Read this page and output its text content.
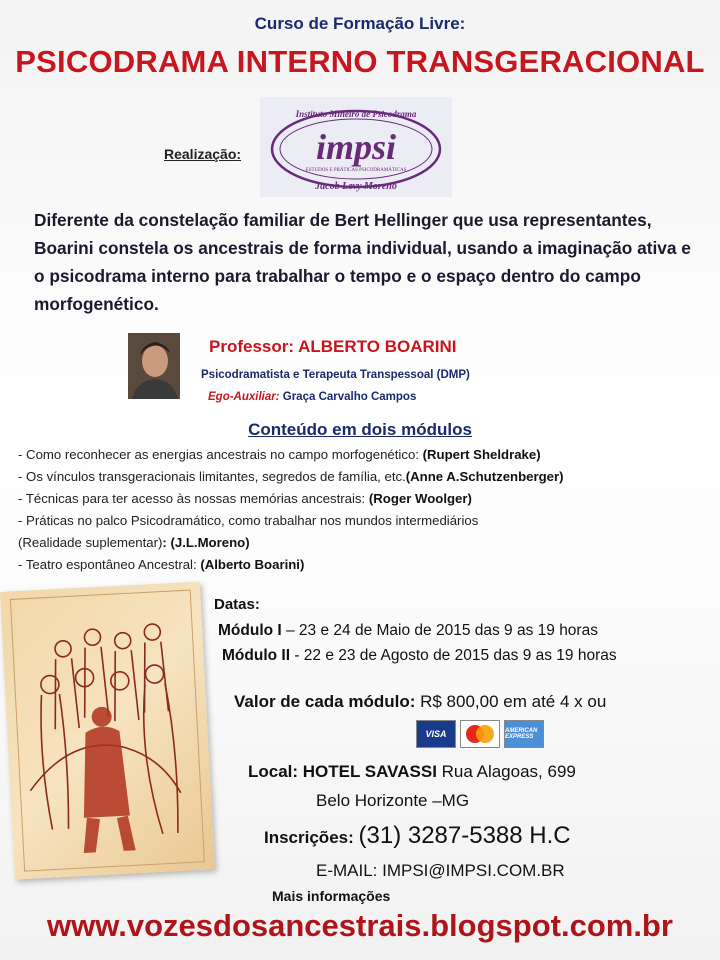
Curso de Formação Livre:
PSICODRAMA INTERNO TRANSGERACIONAL
Realização:
Instituto Mineiro de Psicodrama
impsi
ESTUDOS E PRÁTICAS PSICODRAMÁTICAS
Jacob Levy Moreno
Diferente da constelação familiar de Bert Hellinger que usa representantes, Boarini constela os ancestrais de forma individual, usando a imaginação ativa e o psicodrama interno para trabalhar o tempo e o espaço dentro do campo morfogenético.
Professor: ALBERTO BOARINI
Psicodramatista e Terapeuta Transpessoal (DMP)
Ego-Auxiliar: Graça Carvalho Campos
Conteúdo em dois módulos
- Como reconhecer as energias ancestrais no campo morfogenético: (Rupert Sheldrake)
- Os vínculos transgeracionais limitantes, segredos de família, etc.(Anne A.Schutzenberger)
- Técnicas para ter acesso às nossas memórias ancestrais: (Roger Woolger)
- Práticas no palco Psicodramático, como trabalhar nos mundos intermediários
(Realidade suplementar): (J.L.Moreno)
- Teatro espontâneo Ancestral: (Alberto Boarini)
Datas:
Módulo I – 23 e 24 de Maio de 2015 das 9 as 19 horas
Módulo II - 22 e 23 de Agosto de 2015 das 9 as 19 horas
Valor de cada módulo: R$ 800,00 em até 4 x ou
VISA	AMERICAN EXPRESS
Local: HOTEL SAVASSI Rua Alagoas, 699
Belo Horizonte –MG
Inscrições: (31) 3287-5388 H.C
E-MAIL: IMPSI@IMPSI.COM.BR
Mais informações
www.vozesdosancestrais.blogspot.com.br
